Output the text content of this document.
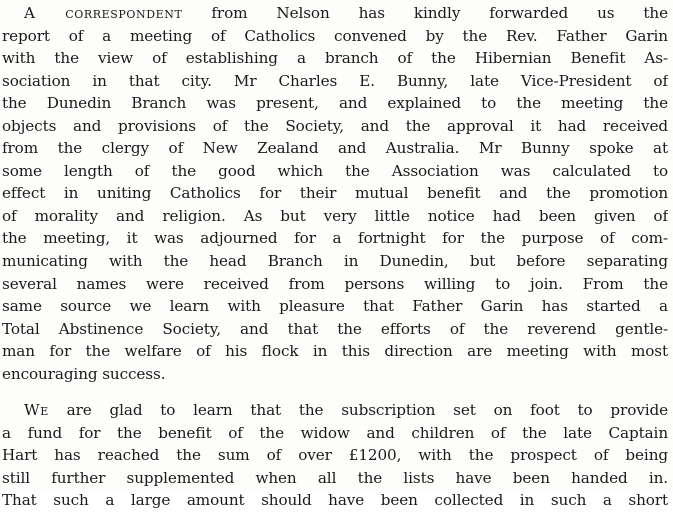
A correspondent from Nelson has kindly forwarded us the
report of a meeting of Catholics convened by the Rev. Father Garin
with the view of establishing a branch of the Hibernian Benefit As-
sociation in that city. Mr Charles E. Bunny, late Vice-President of
the Dunedin Branch was present, and explained to the meeting the
objects and provisions of the Society, and the approval it had received
from the clergy of New Zealand and Australia. Mr Bunny spoke at
some length of the good which the Association was calculated to
effect in uniting Catholics for their mutual benefit and the promotion
of morality and religion. As but very little notice had been given of
the meeting, it was adjourned for a fortnight for the purpose of com-
municating with the head Branch in Dunedin, but before separating
several names were received from persons willing to join. From the
same source we learn with pleasure that Father Garin has started a
Total Abstinence Society, and that the efforts of the reverend gentle-
man for the welfare of his flock in this direction are meeting with most
encouraging success.
We are glad to learn that the subscription set on foot to provide
a fund for the benefit of the widow and children of the late Captain
Hart has reached the sum of over £1200, with the prospect of being
still further supplemented when all the lists have been handed in.
That such a large amount should have been collected in such a short
